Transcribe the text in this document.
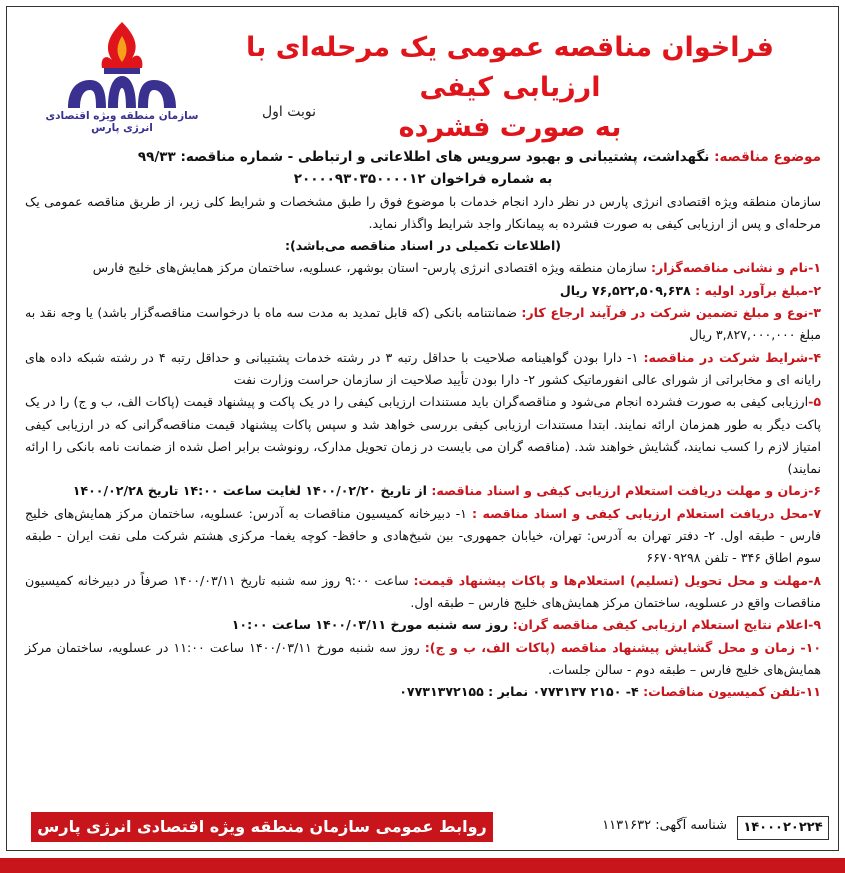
سازمان منطقه ویژه اقتصادی انرژی پارس
فراخوان مناقصه عمومی یک مرحله‌ای با ارزیابی کیفی
به صورت فشرده
نوبت اول

موضوع مناقصه: نگهداشت، پشتیبانی و بهبود سرویس های اطلاعاتی و ارتباطی - شماره مناقصه: ۹۹/۳۳

به شماره فراخوان ۲۰۰۰۰۹۳۰۳۵۰۰۰۰۱۲

سازمان منطقه ویژه اقتصادی انرژی پارس در نظر دارد انجام خدمات با موضوع فوق را طبق مشخصات و شرایط کلی زیر، از طریق مناقصه عمومی یک مرحله‌ای و پس از ارزیابی کیفی به صورت فشرده به پیمانکار واجد شرایط واگذار نماید.

(اطلاعات تکمیلی در اسناد مناقصه می‌باشد):

۱-نام و نشانی مناقصه‌گزار: سازمان منطقه ویژه اقتصادی انرژی پارس- استان بوشهر، عسلویه، ساختمان مرکز همایش‌های خلیج فارس

۲-مبلغ برآورد اولیه : ۷۶,۵۲۲,۵۰۹,۶۳۸ ریال

۳-نوع و مبلغ تضمین شرکت در فرآیند ارجاع کار: ضمانتنامه بانکی (که قابل تمدید به مدت سه ماه با درخواست مناقصه‌گزار باشد) یا وجه نقد به مبلغ ۳,۸۲۷,۰۰۰,۰۰۰ ریال

۴-شرایط شرکت در مناقصه: ۱- دارا بودن گواهینامه صلاحیت با حداقل رتبه ۳ در رشته خدمات پشتیبانی و حداقل رتبه ۴ در رشته شبکه داده های رایانه ای و مخابراتی از شورای عالی انفورماتیک کشور ۲- دارا بودن تأیید صلاحیت از سازمان حراست وزارت نفت

۵-ارزیابی کیفی به صورت فشرده انجام می‌شود و مناقصه‌گران باید مستندات ارزیابی کیفی را در یک پاکت و پیشنهاد قیمت (پاکات الف، ب و ج) را در یک پاکت دیگر به طور همزمان ارائه نمایند. ابتدا مستندات ارزیابی کیفی بررسی خواهد شد و سپس پاکات پیشنهاد قیمت مناقصه‌گرانی که در ارزیابی کیفی امتیاز لازم را کسب نمایند، گشایش خواهند شد. (مناقصه گران می بایست در زمان تحویل مدارک، رونوشت برابر اصل شده از ضمانت نامه بانکی را ارائه نمایند)

۶-زمان و مهلت دریافت استعلام ارزیابی کیفی و اسناد مناقصه: از تاریخ ۱۴۰۰/۰۲/۲۰ لغایت ساعت ۱۴:۰۰ تاریخ ۱۴۰۰/۰۲/۲۸

۷-محل دریافت استعلام ارزیابی کیفی و اسناد مناقصه : ۱- دبیرخانه کمیسیون مناقصات به آدرس: عسلویه، ساختمان مرکز همایش‌های خلیج فارس - طبقه اول. ۲- دفتر تهران به آدرس: تهران، خیابان جمهوری- بین شیخ‌هادی و حافظ- کوچه یغما- مرکزی هشتم شرکت ملی نفت ایران - طبقه سوم اطاق ۳۴۶ - تلفن ۶۶۷۰۹۲۹۸

۸-مهلت و محل تحویل (تسلیم) استعلام‌ها و پاکات پیشنهاد قیمت: ساعت ۹:۰۰ روز سه شنبه تاریخ ۱۴۰۰/۰۳/۱۱ صرفاً در دبیرخانه کمیسیون مناقصات واقع در عسلویه، ساختمان مرکز همایش‌های خلیج فارس – طبقه اول.

۹-اعلام نتایج استعلام ارزیابی کیفی مناقصه گران: روز سه شنبه مورخ ۱۴۰۰/۰۳/۱۱ ساعت ۱۰:۰۰

۱۰- زمان و محل گشایش پیشنهاد مناقصه (پاکات الف، ب و ج): روز سه شنبه مورخ ۱۴۰۰/۰۳/۱۱ ساعت ۱۱:۰۰ در عسلویه، ساختمان مرکز همایش‌های خلیج فارس – طبقه دوم - سالن جلسات.

۱۱-تلفن کمیسیون مناقصات: ۴- ۲۱۵۰ ۰۷۷۳۱۳۷ نمابر : ۰۷۷۳۱۳۷۲۱۵۵

روابط عمومی سازمان منطقه ویژه اقتصادی انرژی پارس	شناسه آگهی: ۱۱۳۱۶۳۲	۱۴۰۰۰۲۰۲۲۴
